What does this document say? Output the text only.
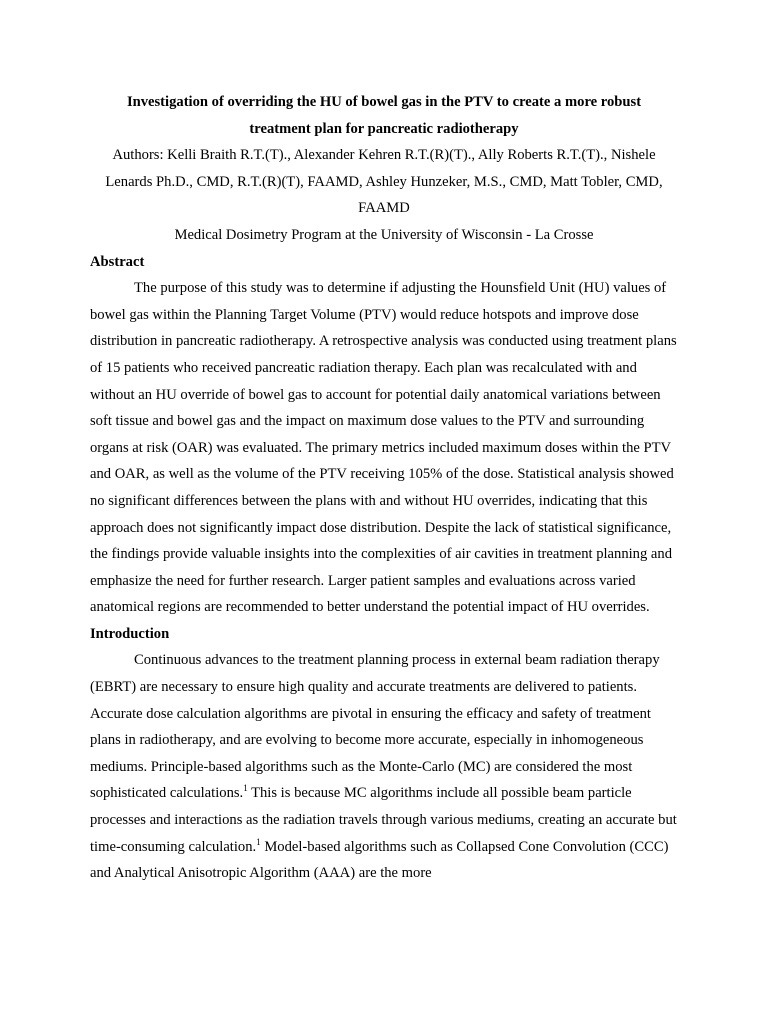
Investigation of overriding the HU of bowel gas in the PTV to create a more robust treatment plan for pancreatic radiotherapy
Authors: Kelli Braith R.T.(T)., Alexander Kehren R.T.(R)(T)., Ally Roberts R.T.(T)., Nishele Lenards Ph.D., CMD, R.T.(R)(T), FAAMD, Ashley Hunzeker, M.S., CMD, Matt Tobler, CMD, FAAMD
Medical Dosimetry Program at the University of Wisconsin - La Crosse

Abstract

The purpose of this study was to determine if adjusting the Hounsfield Unit (HU) values of bowel gas within the Planning Target Volume (PTV) would reduce hotspots and improve dose distribution in pancreatic radiotherapy. A retrospective analysis was conducted using treatment plans of 15 patients who received pancreatic radiation therapy. Each plan was recalculated with and without an HU override of bowel gas to account for potential daily anatomical variations between soft tissue and bowel gas and the impact on maximum dose values to the PTV and surrounding organs at risk (OAR) was evaluated. The primary metrics included maximum doses within the PTV and OAR, as well as the volume of the PTV receiving 105% of the dose. Statistical analysis showed no significant differences between the plans with and without HU overrides, indicating that this approach does not significantly impact dose distribution. Despite the lack of statistical significance, the findings provide valuable insights into the complexities of air cavities in treatment planning and emphasize the need for further research. Larger patient samples and evaluations across varied anatomical regions are recommended to better understand the potential impact of HU overrides.

Introduction

Continuous advances to the treatment planning process in external beam radiation therapy (EBRT) are necessary to ensure high quality and accurate treatments are delivered to patients. Accurate dose calculation algorithms are pivotal in ensuring the efficacy and safety of treatment plans in radiotherapy, and are evolving to become more accurate, especially in inhomogeneous mediums. Principle-based algorithms such as the Monte-Carlo (MC) are considered the most sophisticated calculations.$^1$ This is because MC algorithms include all possible beam particle processes and interactions as the radiation travels through various mediums, creating an accurate but time-consuming calculation.$^1$ Model-based algorithms such as Collapsed Cone Convolution (CCC) and Analytical Anisotropic Algorithm (AAA) are the more
